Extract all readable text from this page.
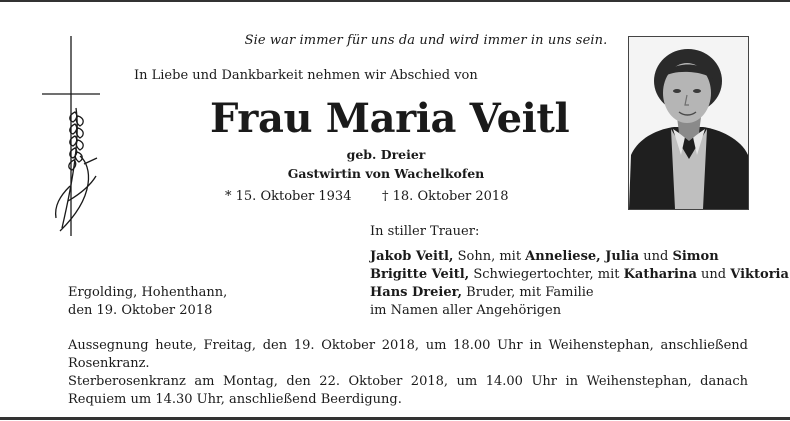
Sie war immer für uns da und wird immer in uns sein.
In Liebe und Dankbarkeit nehmen wir Abschied von
Frau Maria Veitl
geb. Dreier
Gastwirtin von Wachelkofen
* 15. Oktober 1934 † 18. Oktober 2018
In stiller Trauer:
Jakob Veitl, Sohn, mit Anneliese, Julia und Simon
Brigitte Veitl, Schwiegertochter, mit Katharina und Viktoria
Hans Dreier, Bruder, mit Familie
im Namen aller Angehörigen
Ergolding, Hohenthann,
den 19. Oktober 2018

Aussegnung heute, Freitag, den 19. Oktober 2018, um 18.00 Uhr in Weihenstephan, anschließend Rosenkranz.

Sterberosenkranz am Montag, den 22. Oktober 2018, um 14.00 Uhr in Weihenstephan, danach Requiem um 14.30 Uhr, anschließend Beerdigung.
